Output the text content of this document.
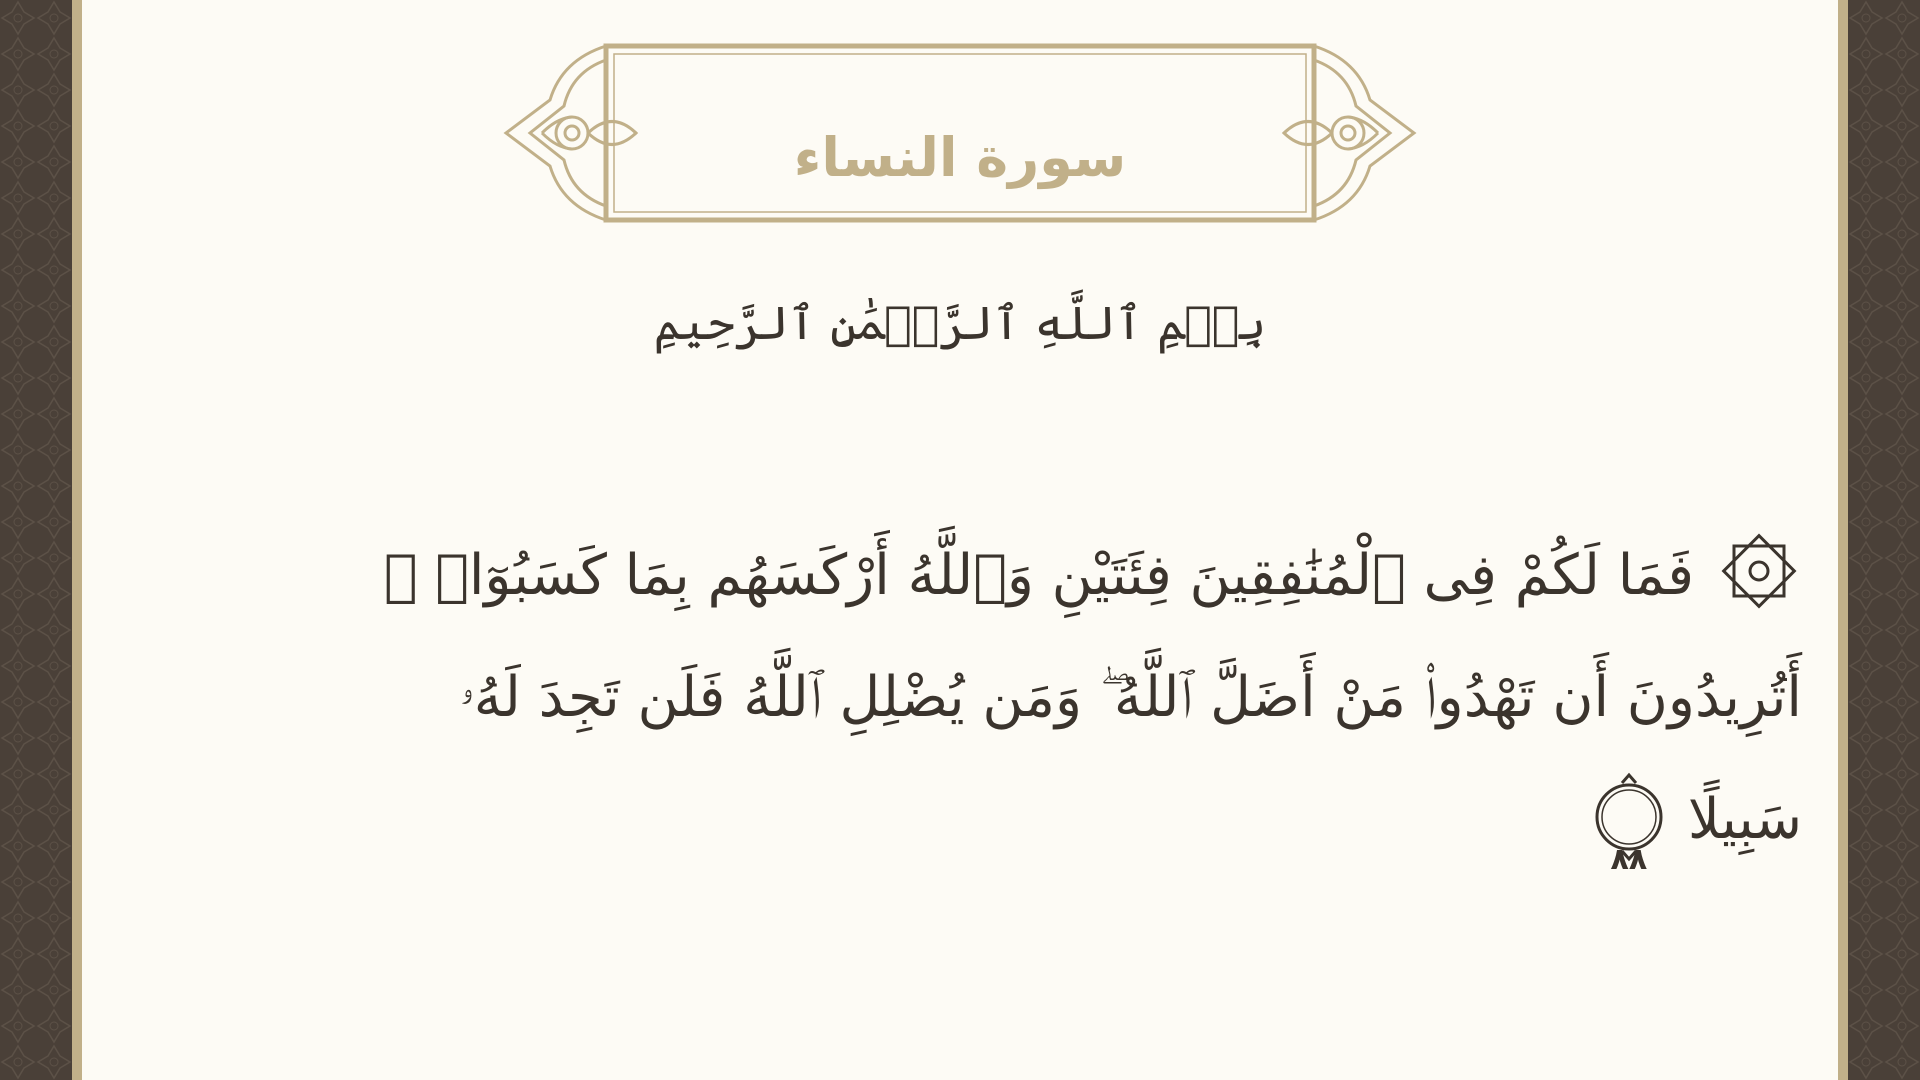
سورة النساء
بِسۡمِ ٱللَّهِ ٱلرَّحۡمَٰنِ ٱلرَّحِيمِ
فَمَا لَكُمْ فِى ٱلْمُنَٰفِقِينَ فِئَتَيْنِ وَٱللَّهُ أَرْكَسَهُم بِمَا كَسَبُوٓا۟ ۚ
أَتُرِيدُونَ أَن تَهْدُوا۟ مَنْ أَضَلَّ ٱللَّهُ ۖ وَمَن يُضْلِلِ ٱللَّهُ فَلَن تَجِدَ لَهُۥ
سَبِيلًا
٨٨
